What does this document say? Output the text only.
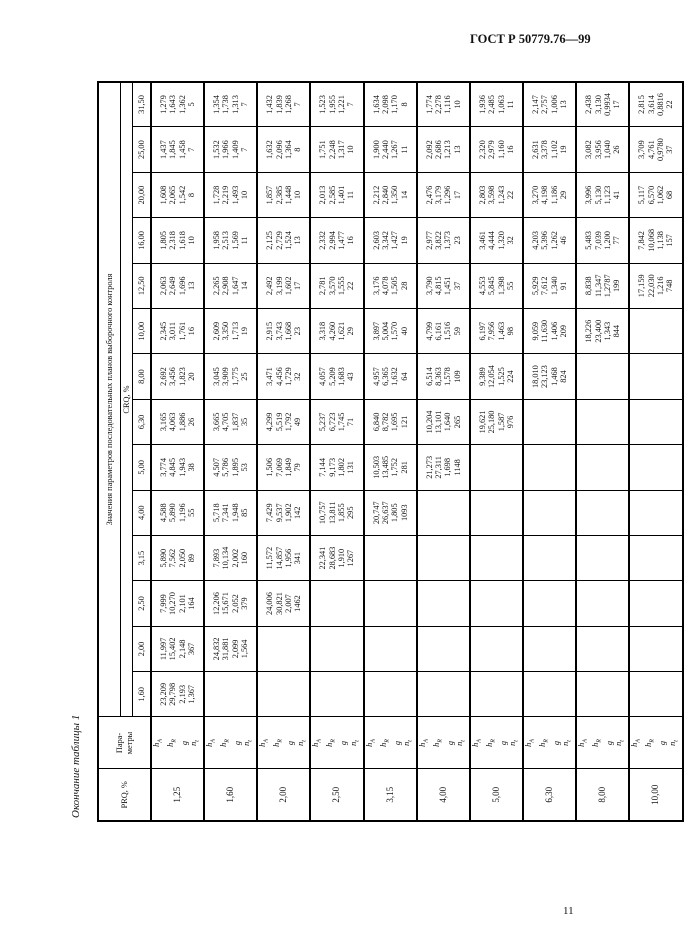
ГОСТ Р 50779.76—99
Окончание таблицы 1	PRQ, %	Пара-
метры	Значения параметров последовательных планов выборочного контроля													
		CRQ, %													
		1,60	2,00	2,50	3,15	4,00	5,00	6,30	8,00	10,00	12,50	16,00	20,00	25,00	31,50
1,25	$h_A$
$h_R$ g $n_t$	23,209 29,798 2,193 1,367	11,997 15,402 2,148 367	7,999 10,270 2,101 164	5,890 7,562 2,050 89	4,588 5,890 1,196 55	3,774 4,845 1,943 38	3,165 4,063 1,886 26	2,692 3,456 1,823 20	2,345 3,011 1,761 16	2,063 2,649 1,696 13	1,805 2,318 1,618 10	1,608 2,065 1,542 8	1,437 1,845 1,458 7	1,279 1,643 1,362 5

1,60	$h_A$
$h_R$ g $n_t$		24,832 31,881 2,099 1,564	12,206 15,671 2,052 379	7,893 10,134 2,002 160	5,718 7,341 1,948 85	4,507 5,786 1,895 53	3,665 4,705 1,837 35	3,045 3,909 1,775 25	2,609 3,350 1,713 19	2,265 2,908 1,647 14	1,958 2,513 1,569 11	1,728 2,219 1,493 10	1,532 1,966 1,409 7	1,354 1,738 1,313 7

2,00	$h_A$
$h_R$ g $n_t$			24,006 30,821 2,007 1462	11,572 14,857 1,956 341	7,429 9,537 1,902 142	1,506 7,069 1,849 79	4,299 5,519 1,792 49	3,471 4,456 1,729 32	2,915 3,743 1,668 23	2,492 3,199 1,602 17	2,125 2,729 1,524 13	1,857 2,385 1,448 10	1,632 2,096 1,364 8	1,432 1,839 1,268 7

2,50	$h_A$
$h_R$ g $n_t$				22,341 28,683 1,910 1267	10,757 13,811 1,855 295	7,144 9,173 1,802 131	5,237 6,723 1,745 71	4,057 5,209 1,683 43	3,318 4,260 1,621 29	2,781 3,570 1,555 22	2,332 2,994 1,477 16	2,013 2,585 1,401 11	1,751 2,248 1,317 10	1,523 1,955 1,221 7

3,15	$h_A$
$h_R$ g $n_t$					20,747 26,637 1,805 1093	10,503 13,485 1,752 281	6,840 8,782 1,695 121	4,957 6,365 1,632 64	3,897 5,004 1,570 40	3,176 4,078 1,505 28	2,603 3,342 1,427 19	2,212 2,840 1,350 14	1,900 2,440 1,267 11	1,634 2,098 1,170 8

4,00	$h_A$
$h_R$ g $n_t$						21,273 27,311 1,698 1148	10,204 13,101 1,640 265	6,514 8,363 1,578 109	4,799 6,161 1,516 59	3,790 4,815 1,451 37	2,977 3,822 1,373 23	2,476 3,179 1,296 17	2,092 2,686 1,213 13	1,774 2,278 1,116 10

5,00	$h_A$
$h_R$ g $n_t$							19,621 25,180 1,587 976	9,389 12,054 1,525 224	6,197 7,956 1,463 98	4,553 5,845 1,398 55	3,461 4,444 1,320 32	2,803 3,598 1,243 22	2,320 2,979 1,160 16	1,936 2,485 1,063 11

6,30	$h_A$
$h_R$ g $n_t$								18,010 23,123 1,468 824	9,059 11,630 1,406 209	5,929 7,612 1,340 91	4,203 5,396 1,262 46	3,270 4,198 1,186 29	2,631 3,378 1,102 19	2,147 2,757 1,006 13

8,00	$h_A$
$h_R$ g $n_t$									18,226 23,400 1,343 844	8,838 11,347 1,2787 199	5,483 7,039 1,200 77	3,996 5,130 1,123 41	3,082 3,956 1,040 26	2,438 3,130 0,9934 17

10,00	$h_A$
$h_R$ g $n_t$										17,159 22,030 1,216 748	7,842 10,068 1,138 157	5,117 6,570 1,062 68	3,709 4,761 0,9780 37	2,815 3,614 0,8816 22
11
